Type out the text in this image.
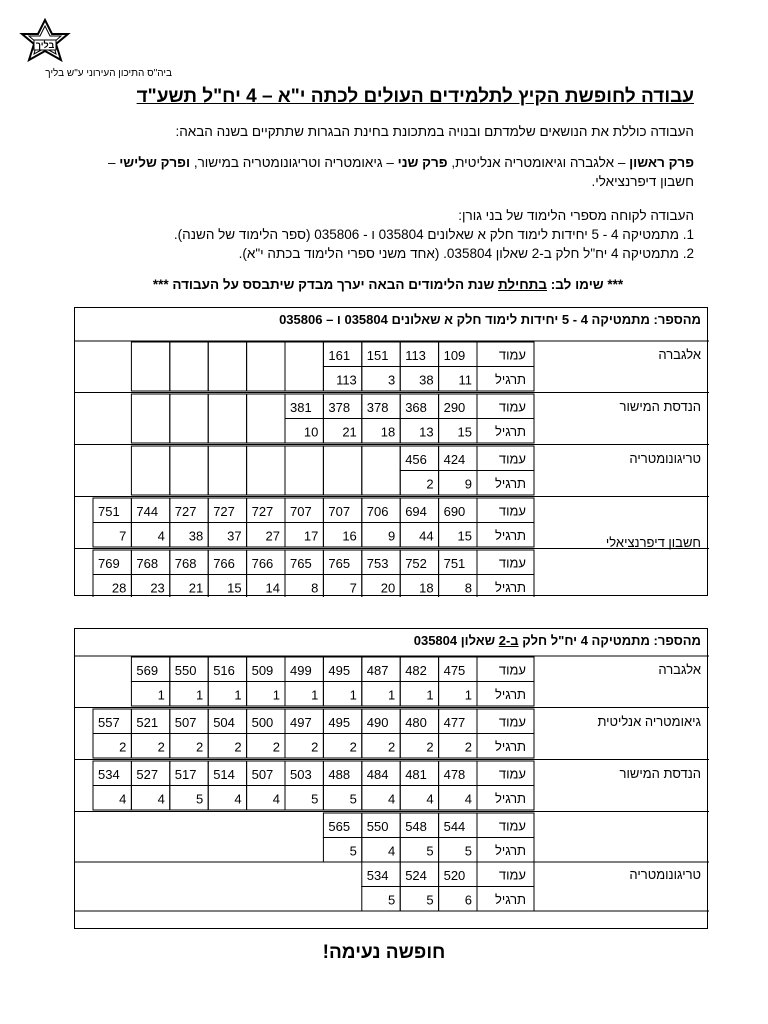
בליך
ביה"ס התיכון העירוני ע"ש בליך
עבודה לחופשת הקיץ לתלמידים העולים לכתה י"א – 4 יח"ל תשע"ד
העבודה כוללת את הנושאים שלמדתם ובנויה במתכונת בחינת הבגרות שתתקיים בשנה הבאה:
פרק ראשון – אלגברה וגיאומטריה אנליטית, פרק שני – גיאומטריה וטריגונומטריה במישור, ופרק שלישי – חשבון דיפרנציאלי.
העבודה לקוחה מספרי הלימוד של בני גורן:
1. מתמטיקה 4 - 5 יחידות לימוד חלק א שאלונים 035804 ו - 035806 (ספר הלימוד של השנה).
2. מתמטיקה 4 יח"ל חלק ב-2 שאלון 035804. (אחד משני ספרי הלימוד בכתה י"א).
*** שימו לב: בתחילת שנת הלימודים הבאה יערך מבדק שיתבסס על העבודה ***
מהספר: מתמטיקה 4 - 5 יחידות לימוד חלק א שאלונים 035804 ו – 035806
אלגברה
עמוד
תרגיל
109
11
113
38
151
3
161
113
הנדסת המישור
עמוד
תרגיל
290
15
368
13
378
18
378
21
381
10
טריגונומטריה
עמוד
תרגיל
424
9
456
2
חשבון דיפרנציאלי
עמוד
תרגיל
690
15
694
44
706
9
707
16
707
17
727
27
727
37
727
38
744
4
751
7
עמוד
תרגיל
751
8
752
18
753
20
765
7
765
8
766
14
766
15
768
21
768
23
769
28
מהספר: מתמטיקה 4 יח"ל חלק ב-2 שאלון 035804
אלגברה
עמוד
תרגיל
475
1
482
1
487
1
495
1
499
1
509
1
516
1
550
1
569
1
גיאומטריה אנליטית
עמוד
תרגיל
477
2
480
2
490
2
495
2
497
2
500
2
504
2
507
2
521
2
557
2
הנדסת המישור
עמוד
תרגיל
478
4
481
4
484
4
488
5
503
5
507
4
514
4
517
5
527
4
534
4
עמוד
תרגיל
544
5
548
5
550
4
565
5
טריגונומטריה
עמוד
תרגיל
520
6
524
5
534
5
חופשה נעימה!
